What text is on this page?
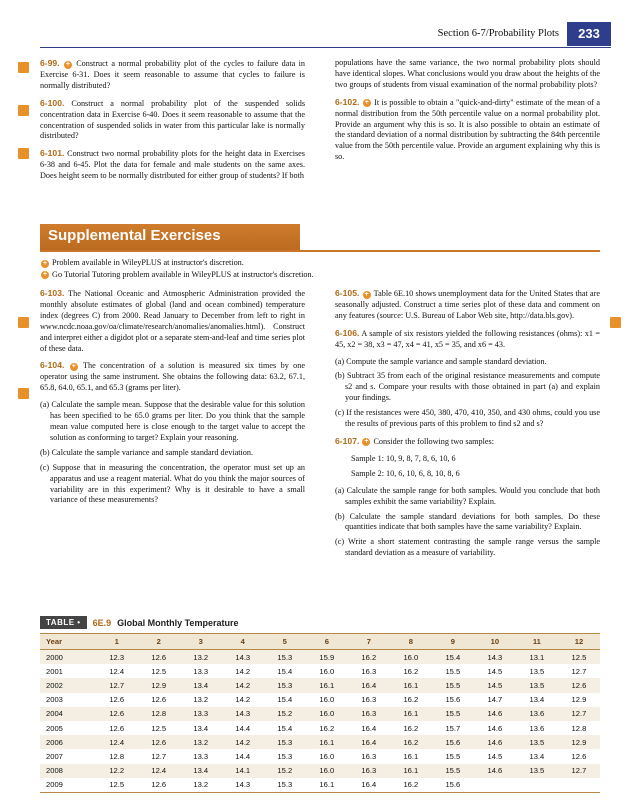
Section 6-7/Probability Plots	233

6-99. + Construct a normal probability plot of the cycles to failure data in Exercise 6-31. Does it seem reasonable to assume that cycles to failure is normally distributed?

6-100. Construct a normal probability plot of the suspended solids concentration data in Exercise 6-40. Does it seem reasonable to assume that the concentration of suspended solids in water from this particular lake is normally distributed?

6-101. Construct two normal probability plots for the height data in Exercises 6-38 and 6-45. Plot the data for female and male students on the same axes. Does height seem to be normally distributed for either group of students? If both

populations have the same variance, the two normal probability plots should have identical slopes. What conclusions would you draw about the heights of the two groups of students from visual examination of the normal probability plots?

6-102. + It is possible to obtain a "quick-and-dirty" estimate of the mean of a normal distribution from the 50th percentile value on a normal probability plot. Provide an argument why this is so. It is also possible to obtain an estimate of the standard deviation of a normal distribution by subtracting the 84th percentile value from the 50th percentile value. Provide an argument explaining why this is so.

Supplemental Exercises

+ Problem available in WileyPLUS at instructor's discretion.

+ Go Tutorial Tutoring problem available in WileyPLUS at instructor's discretion.

6-103. The National Oceanic and Atmospheric Administration provided the monthly absolute estimates of global (land and ocean combined) temperature index (degrees C) from 2000. Read January to December from left to right in www.ncdc.noaa.gov/oa/climate/research/anomalies/anomalies.html). Construct and interpret either a digidot plot or a separate stem-and-leaf and time series plot of these data.

6-104. + The concentration of a solution is measured six times by one operator using the same instrument. She obtains the following data: 63.2, 67.1, 65.8, 64.0, 65.1, and 65.3 (grams per liter).

(a) Calculate the sample mean. Suppose that the desirable value for this solution has been specified to be 65.0 grams per liter. Do you think that the sample mean value computed here is close enough to the target value to accept the solution as conforming to target? Explain your reasoning.

(b) Calculate the sample variance and sample standard deviation.

(c) Suppose that in measuring the concentration, the operator must set up an apparatus and use a reagent material. What do you think the major sources of variability are in this experiment? Why is it desirable to have a small variance of these measurements?

6-105. + Table 6E.10 shows unemployment data for the United States that are seasonally adjusted. Construct a time series plot of these data and comment on any features (source: U.S. Bureau of Labor Web site, http://data.bls.gov).

6-106. A sample of six resistors yielded the following resistances (ohms): x1 = 45, x2 = 38, x3 = 47, x4 = 41, x5 = 35, and x6 = 43.

(a) Compute the sample variance and sample standard deviation.

(b) Subtract 35 from each of the original resistance measurements and compute s2 and s. Compare your results with those obtained in part (a) and explain your findings.

(c) If the resistances were 450, 380, 470, 410, 350, and 430 ohms, could you use the results of previous parts of this problem to find s2 and s?

6-107. + Consider the following two samples:

Sample 1: 10, 9, 8, 7, 8, 6, 10, 6

Sample 2: 10, 6, 10, 6, 8, 10, 8, 6

(a) Calculate the sample range for both samples. Would you conclude that both samples exhibit the same variability? Explain.

(b) Calculate the sample standard deviations for both samples. Do these quantities indicate that both samples have the same variability? Explain.

(c) Write a short statement contrasting the sample range versus the sample standard deviation as a measure of variability.

TABLE •	6E.9 Global Monthly Temperature
Year	1	2	3	4	5	6	7	8	9	10	11	12
2000	12.3	12.6	13.2	14.3	15.3	15.9	16.2	16.0	15.4	14.3	13.1	12.5
2001	12.4	12.5	13.3	14.2	15.4	16.0	16.3	16.2	15.5	14.5	13.5	12.7
2002	12.7	12.9	13.4	14.2	15.3	16.1	16.4	16.1	15.5	14.5	13.5	12.6
2003	12.6	12.6	13.2	14.2	15.4	16.0	16.3	16.2	15.6	14.7	13.4	12.9
2004	12.6	12.8	13.3	14.3	15.2	16.0	16.3	16.1	15.5	14.6	13.6	12.7
2005	12.6	12.5	13.4	14.4	15.4	16.2	16.4	16.2	15.7	14.6	13.6	12.8
2006	12.4	12.6	13.2	14.2	15.3	16.1	16.4	16.2	15.6	14.6	13.5	12.9
2007	12.8	12.7	13.3	14.4	15.3	16.0	16.3	16.1	15.5	14.5	13.4	12.6
2008	12.2	12.4	13.4	14.1	15.2	16.0	16.3	16.1	15.5	14.6	13.5	12.7
2009	12.5	12.6	13.2	14.3	15.3	16.1	16.4	16.2	15.6			
